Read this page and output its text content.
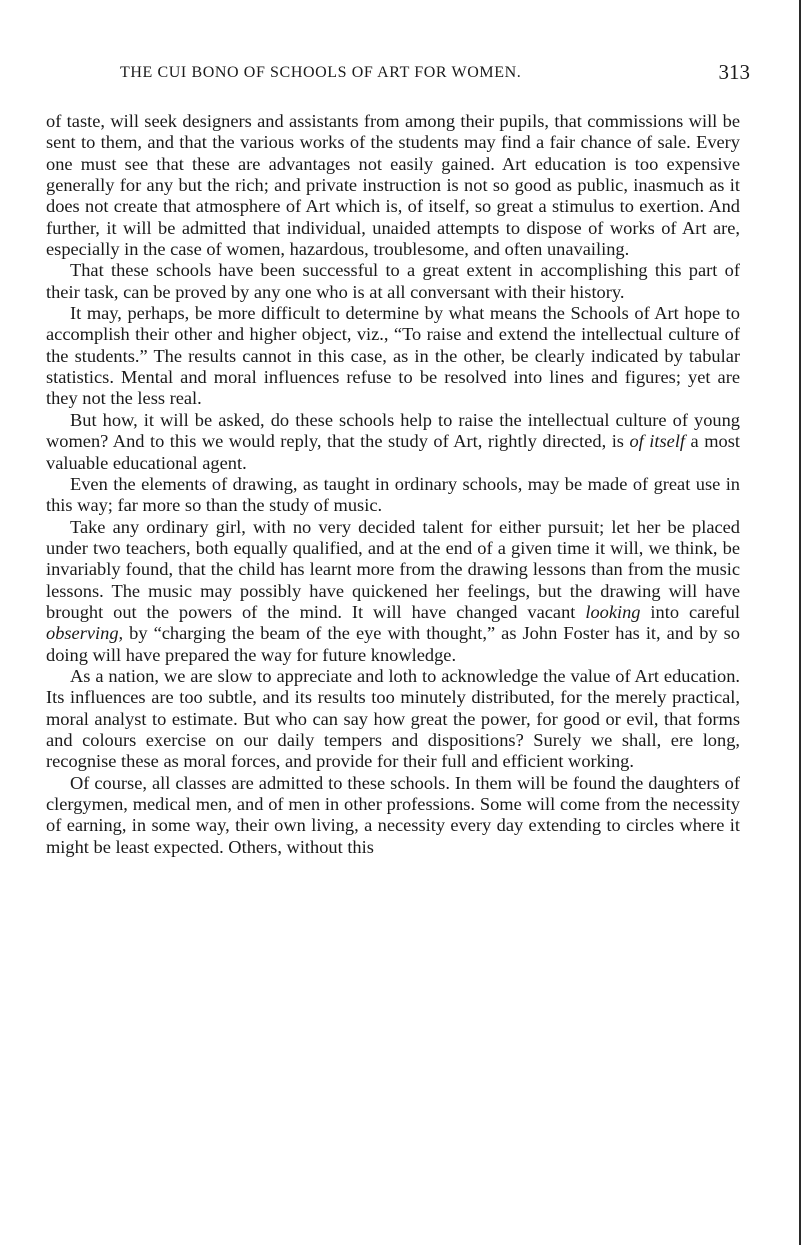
THE CUI BONO OF SCHOOLS OF ART FOR WOMEN.	313

of taste, will seek designers and assistants from among their pupils, that commissions will be sent to them, and that the various works of the students may find a fair chance of sale. Every one must see that these are advantages not easily gained. Art education is too expensive generally for any but the rich; and private instruction is not so good as public, inasmuch as it does not create that atmosphere of Art which is, of itself, so great a stimulus to exertion. And further, it will be admitted that individual, unaided attempts to dispose of works of Art are, especially in the case of women, hazardous, troublesome, and often unavailing.

That these schools have been successful to a great extent in accomplishing this part of their task, can be proved by any one who is at all conversant with their history.

It may, perhaps, be more difficult to determine by what means the Schools of Art hope to accomplish their other and higher object, viz., “To raise and extend the intellectual culture of the students.” The results cannot in this case, as in the other, be clearly indicated by tabular statistics. Mental and moral influences refuse to be resolved into lines and figures; yet are they not the less real.

But how, it will be asked, do these schools help to raise the intellectual culture of young women? And to this we would reply, that the study of Art, rightly directed, is of itself a most valuable educational agent.

Even the elements of drawing, as taught in ordinary schools, may be made of great use in this way; far more so than the study of music.

Take any ordinary girl, with no very decided talent for either pursuit; let her be placed under two teachers, both equally qualified, and at the end of a given time it will, we think, be invariably found, that the child has learnt more from the drawing lessons than from the music lessons. The music may possibly have quickened her feelings, but the drawing will have brought out the powers of the mind. It will have changed vacant looking into careful observing, by “charging the beam of the eye with thought,” as John Foster has it, and by so doing will have prepared the way for future knowledge.

As a nation, we are slow to appreciate and loth to acknowledge the value of Art education. Its influences are too subtle, and its results too minutely distributed, for the merely practical, moral analyst to estimate. But who can say how great the power, for good or evil, that forms and colours exercise on our daily tempers and dispositions? Surely we shall, ere long, recognise these as moral forces, and provide for their full and efficient working.

Of course, all classes are admitted to these schools. In them will be found the daughters of clergymen, medical men, and of men in other professions. Some will come from the necessity of earning, in some way, their own living, a necessity every day extending to circles where it might be least expected. Others, without this
